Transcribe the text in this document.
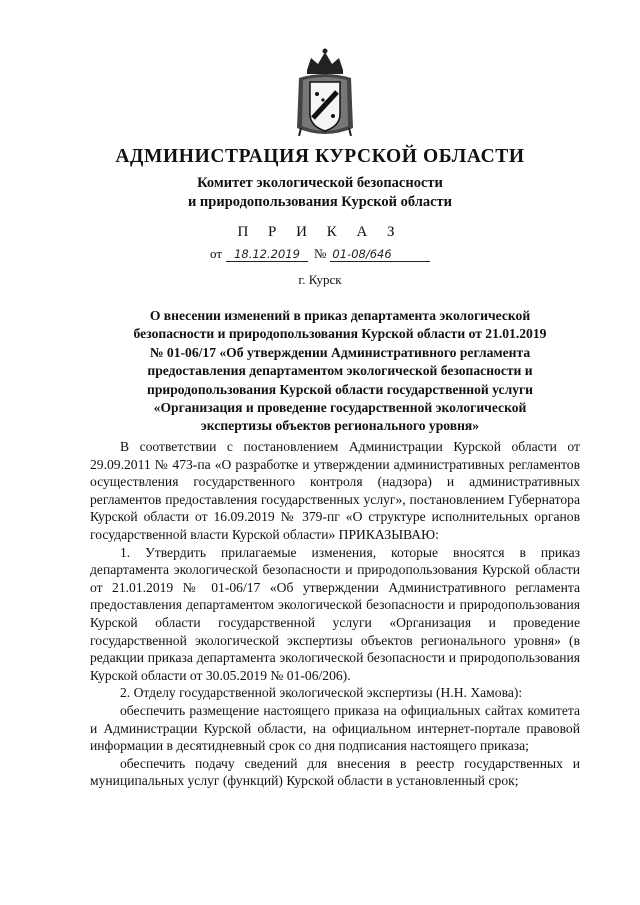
АДМИНИСТРАЦИЯ КУРСКОЙ ОБЛАСТИ
Комитет экологической безопасности
и природопользования Курской области
П Р И К А З
от 18.12.2019 № 01-08/646
г. Курск
О внесении изменений в приказ департамента экологической
безопасности и природопользования Курской области от 21.01.2019
№ 01-06/17 «Об утверждении Административного регламента
предоставления департаментом экологической безопасности и
природопользования Курской области государственной услуги
«Организация и проведение государственной экологической
экспертизы объектов регионального уровня»

В соответствии с постановлением Администрации Курской области от 29.09.2011 № 473-па «О разработке и утверждении административных регламентов осуществления государственного контроля (надзора) и административных регламентов предоставления государственных услуг», постановлением Губернатора Курской области от 16.09.2019 № 379-пг «О структуре исполнительных органов государственной власти Курской области» ПРИКАЗЫВАЮ:

1. Утвердить прилагаемые изменения, которые вносятся в приказ департамента экологической безопасности и природопользования Курской области от 21.01.2019 № 01-06/17 «Об утверждении Административного регламента предоставления департаментом экологической безопасности и природопользования Курской области государственной услуги «Организация и проведение государственной экологической экспертизы объектов регионального уровня» (в редакции приказа департамента экологической безопасности и природопользования Курской области от 30.05.2019 № 01-06/206).

2. Отделу государственной экологической экспертизы (Н.Н. Хамова):

обеспечить размещение настоящего приказа на официальных сайтах комитета и Администрации Курской области, на официальном интернет-портале правовой информации в десятидневный срок со дня подписания настоящего приказа;

обеспечить подачу сведений для внесения в реестр государственных и муниципальных услуг (функций) Курской области в установленный срок;
